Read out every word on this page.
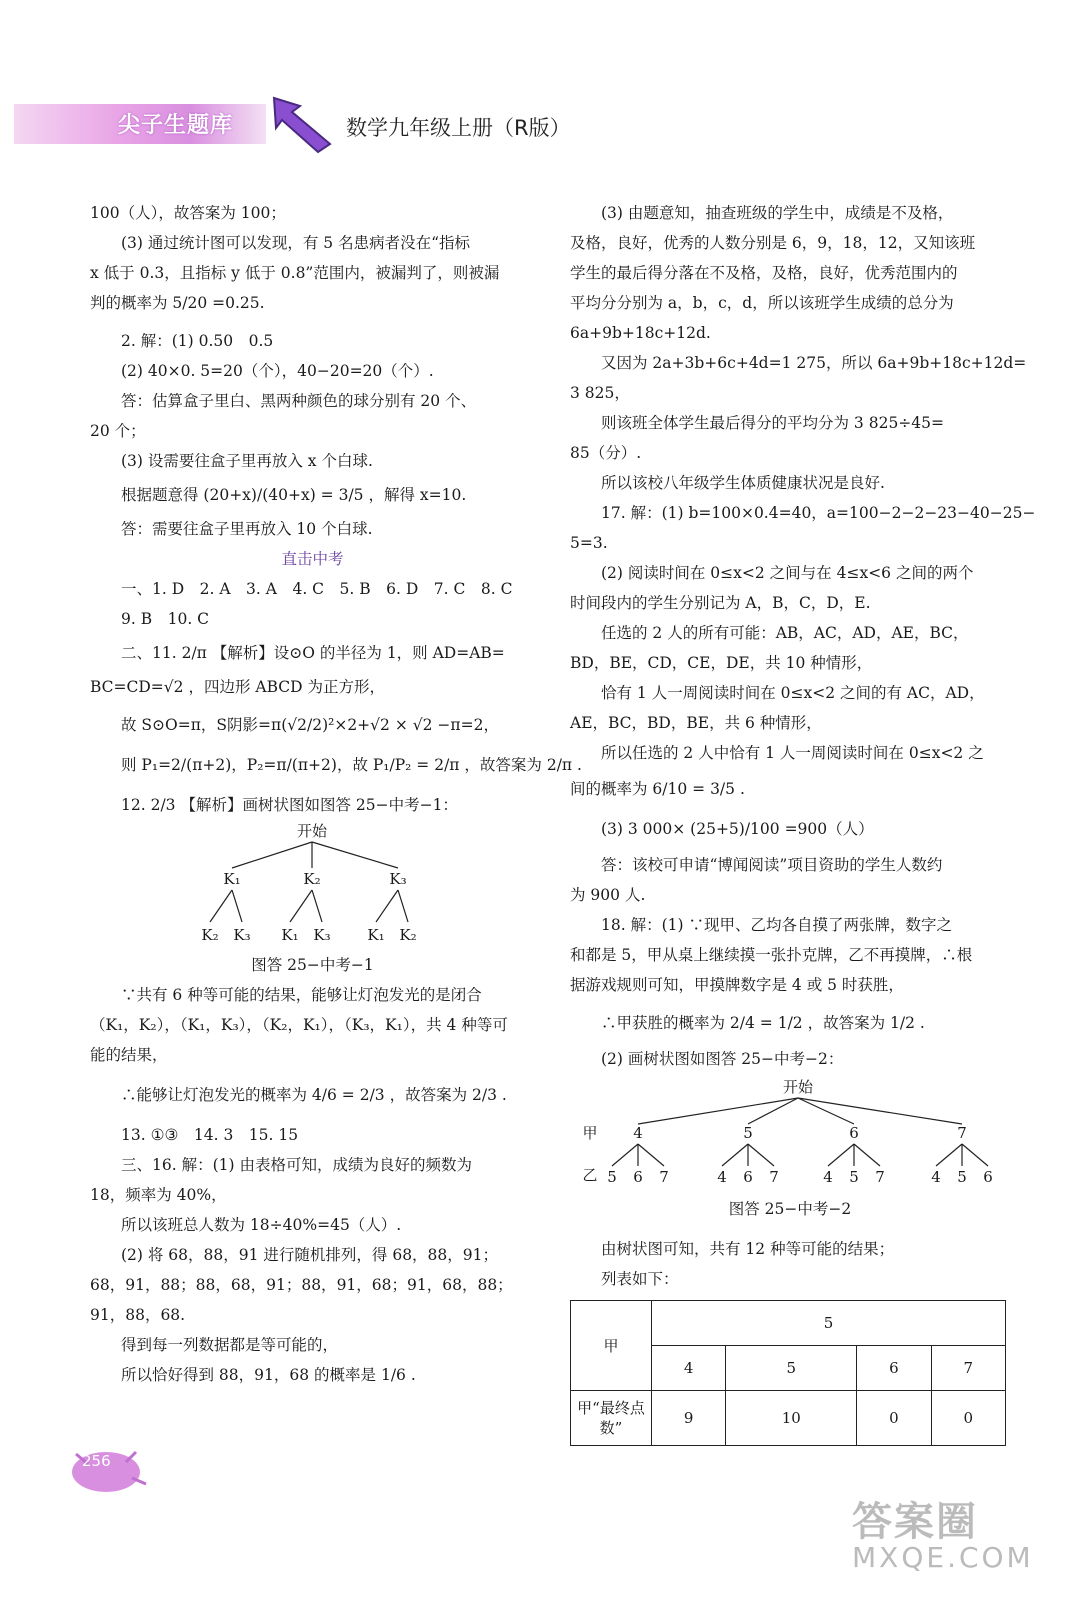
尖子生题库	数学九年级上册（R版）

100（人），故答案为 100；

(3) 通过统计图可以发现，有 5 名患病者没在“指标

x 低于 0.3，且指标 y 低于 0.8”范围内，被漏判了，则被漏

判的概率为 5/20 =0.25.

2. 解：(1) 0.50　0.5

(2) 40×0. 5=20（个），40−20=20（个）.

答：估算盒子里白、黑两种颜色的球分别有 20 个、

20 个；

(3) 设需要往盒子里再放入 x 个白球.

根据题意得 (20+x)/(40+x) = 3/5 ，解得 x=10.

答：需要往盒子里再放入 10 个白球.

直击中考

一、1. D　2. A　3. A　4. C　5. B　6. D　7. C　8. C

9. B　10. C

二、11. 2/π 【解析】设⊙O 的半径为 1，则 AD=AB=

BC=CD=√2 ，四边形 ABCD 为正方形，

故 S⊙O=π，S阴影=π(√2/2)²×2+√2 × √2 −π=2，

则 P₁=2/(π+2)，P₂=π/(π+2)，故 P₁/P₂ = 2/π ，故答案为 2/π .

12. 2/3 【解析】画树状图如图答 25−中考−1：

开始
K₁
K₂ K₃
K₂
K₁ K₃
K₃
K₁ K₂

图答 25−中考−1

∵共有 6 种等可能的结果，能够让灯泡发光的是闭合

（K₁，K₂），（K₁，K₃），（K₂，K₁），（K₃，K₁），共 4 种等可

能的结果，

∴能够让灯泡发光的概率为 4/6 = 2/3 ，故答案为 2/3 .

13. ①③　14. 3　15. 15

三、16. 解：(1) 由表格可知，成绩为良好的频数为

18，频率为 40%，

所以该班总人数为 18÷40%=45（人）.

(2) 将 68，88，91 进行随机排列，得 68，88，91；

68，91，88；88，68，91；88，91，68；91，68，88；

91，88，68.

得到每一列数据都是等可能的，

所以恰好得到 88，91，68 的概率是 1/6 .

(3) 由题意知，抽查班级的学生中，成绩是不及格，

及格，良好，优秀的人数分别是 6，9，18，12，又知该班

学生的最后得分落在不及格，及格，良好，优秀范围内的

平均分分别为 a，b，c，d，所以该班学生成绩的总分为

6a+9b+18c+12d.

又因为 2a+3b+6c+4d=1 275，所以 6a+9b+18c+12d=

3 825，

则该班全体学生最后得分的平均分为 3 825÷45=

85（分）.

所以该校八年级学生体质健康状况是良好.

17. 解：(1) b=100×0.4=40，a=100−2−2−23−40−25−

5=3.

(2) 阅读时间在 0≤x<2 之间与在 4≤x<6 之间的两个

时间段内的学生分别记为 A，B，C，D，E.

任选的 2 人的所有可能：AB，AC，AD，AE，BC，

BD，BE，CD，CE，DE，共 10 种情形，

恰有 1 人一周阅读时间在 0≤x<2 之间的有 AC，AD，

AE，BC，BD，BE，共 6 种情形，

所以任选的 2 人中恰有 1 人一周阅读时间在 0≤x<2 之

间的概率为 6/10 = 3/5 .

(3) 3 000× (25+5)/100 =900（人）

答：该校可申请“博闻阅读”项目资助的学生人数约

为 900 人.

18. 解：(1) ∵现甲、乙均各自摸了两张牌，数字之

和都是 5，甲从桌上继续摸一张扑克牌，乙不再摸牌，∴根

据游戏规则可知，甲摸牌数字是 4 或 5 时获胜，

∴甲获胜的概率为 2/4 = 1/2 ，故答案为 1/2 .

(2) 画树状图如图答 25−中考−2：

开始
甲
乙
4
5 6 7
5
4 6 7
6
4 5 7
7
4 5 6

图答 25−中考−2

由树状图可知，共有 12 种等可能的结果；

列表如下：

甲	5			
	4	5	6	7
甲“最终点数”	9	10	0	0
256
答案圈
MXQE.COM
